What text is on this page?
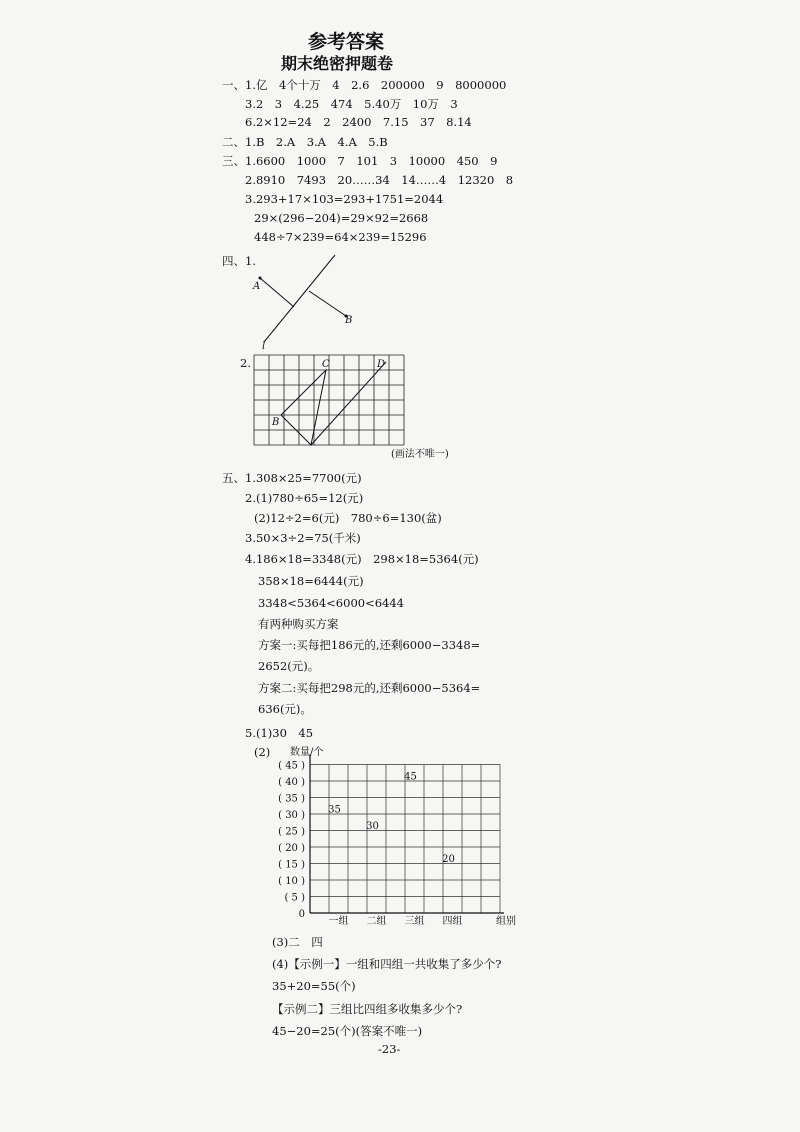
参考答案
期末绝密押题卷
一、1.亿　4个十万　4　2.6　200000　9　8000000
3.2　3　4.25　474　5.40万　10万　3
6.2×12=24　2　2400　7.15　37　8.14
二、1.B　2.A　3.A　4.A　5.B
三、1.6600　1000　7　101　3　10000　450　9
2.8910　7493　20……34　14……4　12320　8
3.293+17×103=293+1751=2044
29×(296−204)=29×92=2668
448÷7×239=64×239=15296
四、1.
A
B
l
2.
B
C	D
(画法不唯一)
五、1.308×25=7700(元)
2.(1)780÷65=12(元)
(2)12÷2=6(元)　780÷6=130(盆)
3.50×3÷2=75(千米)
4.186×18=3348(元)　298×18=5364(元)
358×18=6444(元)
3348<5364<6000<6444
有两种购买方案
方案一:买每把186元的,还剩6000−3348=
2652(元)。
方案二:买每把298元的,还剩6000−5364=
636(元)。
5.(1)30　45
(2) 数量/个
0
( 5 )
( 10 )
( 15 )
( 20 )
( 25 )
( 30 )
( 35 )
( 40 )
( 45 )
一组
35
二组
30
三组
45
四组
20
组别
(3)二　四
(4)【示例一】一组和四组一共收集了多少个?
35+20=55(个)
【示例二】三组比四组多收集多少个?
45−20=25(个)(答案不唯一)
-23-
